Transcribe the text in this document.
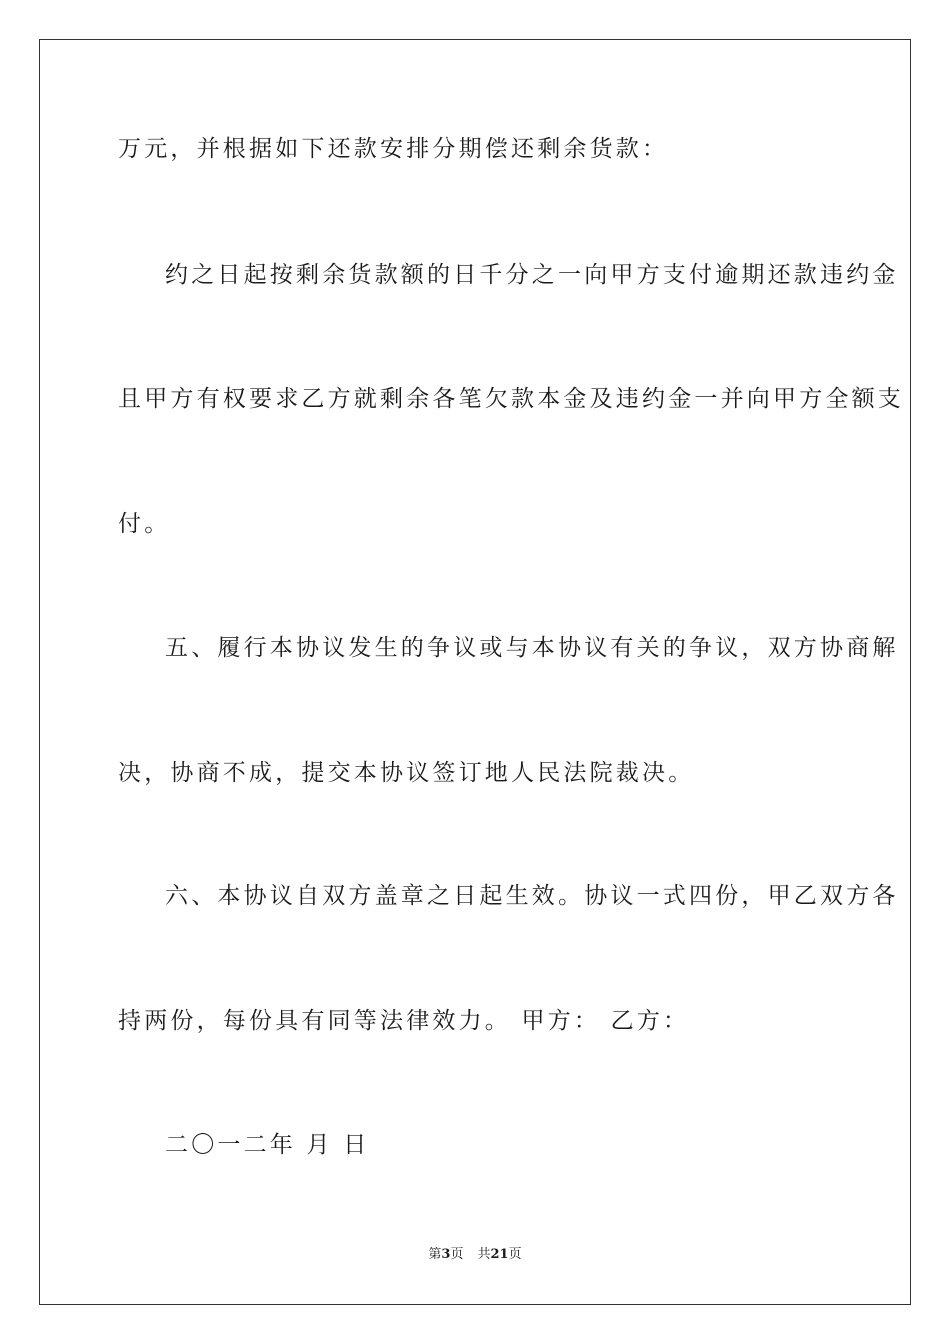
万元，并根据如下还款安排分期偿还剩余货款：
约之日起按剩余货款额的日千分之一向甲方支付逾期还款违约金
且甲方有权要求乙方就剩余各笔欠款本金及违约金一并向甲方全额支
付。
五、履行本协议发生的争议或与本协议有关的争议，双方协商解
决，协商不成，提交本协议签订地人民法院裁决。
六、本协议自双方盖章之日起生效。协议一式四份，甲乙双方各
持两份，每份具有同等法律效力。 甲方： 乙方：
二〇一二年 月 日
第3页 共21页
